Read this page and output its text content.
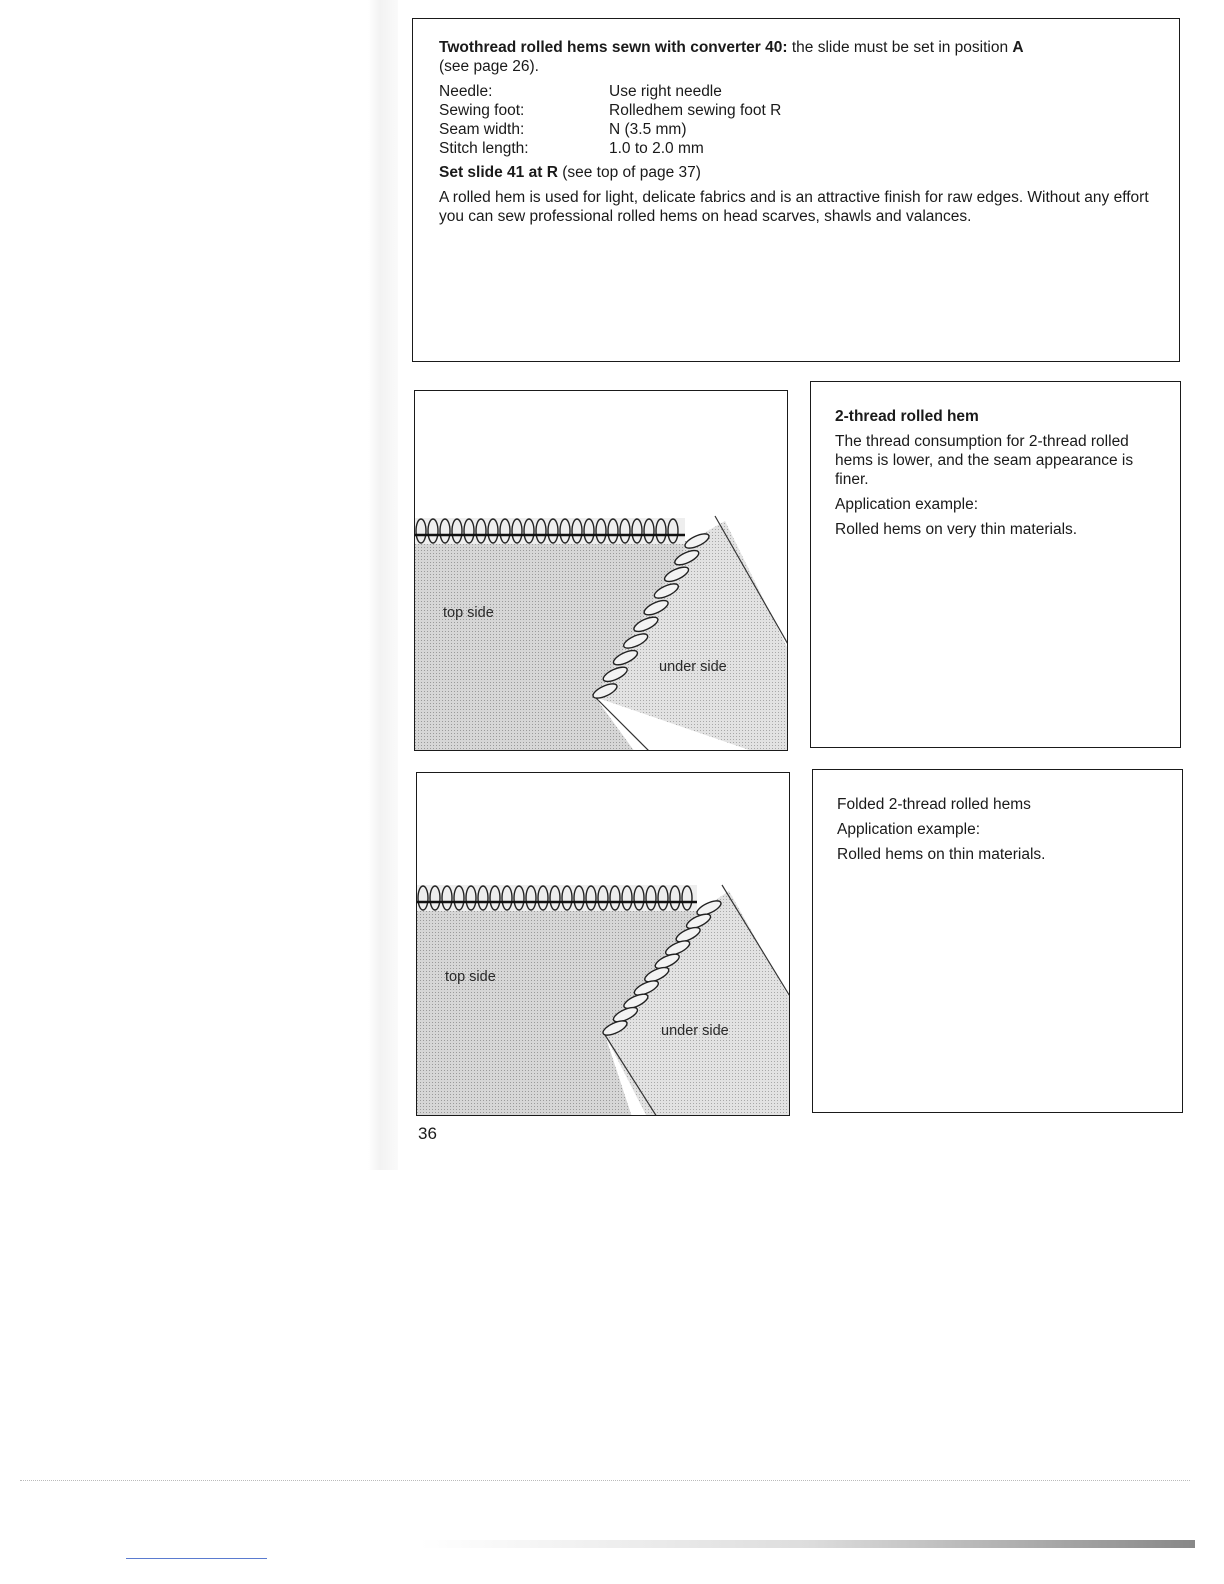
Twothread rolled hems sewn with converter 40: the slide must be set in position A
(see page 26).

Needle:	Use right needle
Sewing foot:	Rolledhem sewing foot R
Seam width:	N (3.5 mm)
Stitch length:	1.0 to 2.0 mm

Set slide 41 at R (see top of page 37)

A rolled hem is used for light, delicate fabrics and is an attractive finish for raw edges. Without any effort you can sew professional rolled hems on head scarves, shawls and valances.

top side
under side
top side
under side

2-thread rolled hem

The thread consumption for 2-thread rolled hems is lower, and the seam appearance is finer.

Application example:

Rolled hems on very thin materials.

Folded 2-thread rolled hems

Application example:

Rolled hems on thin materials.

36
